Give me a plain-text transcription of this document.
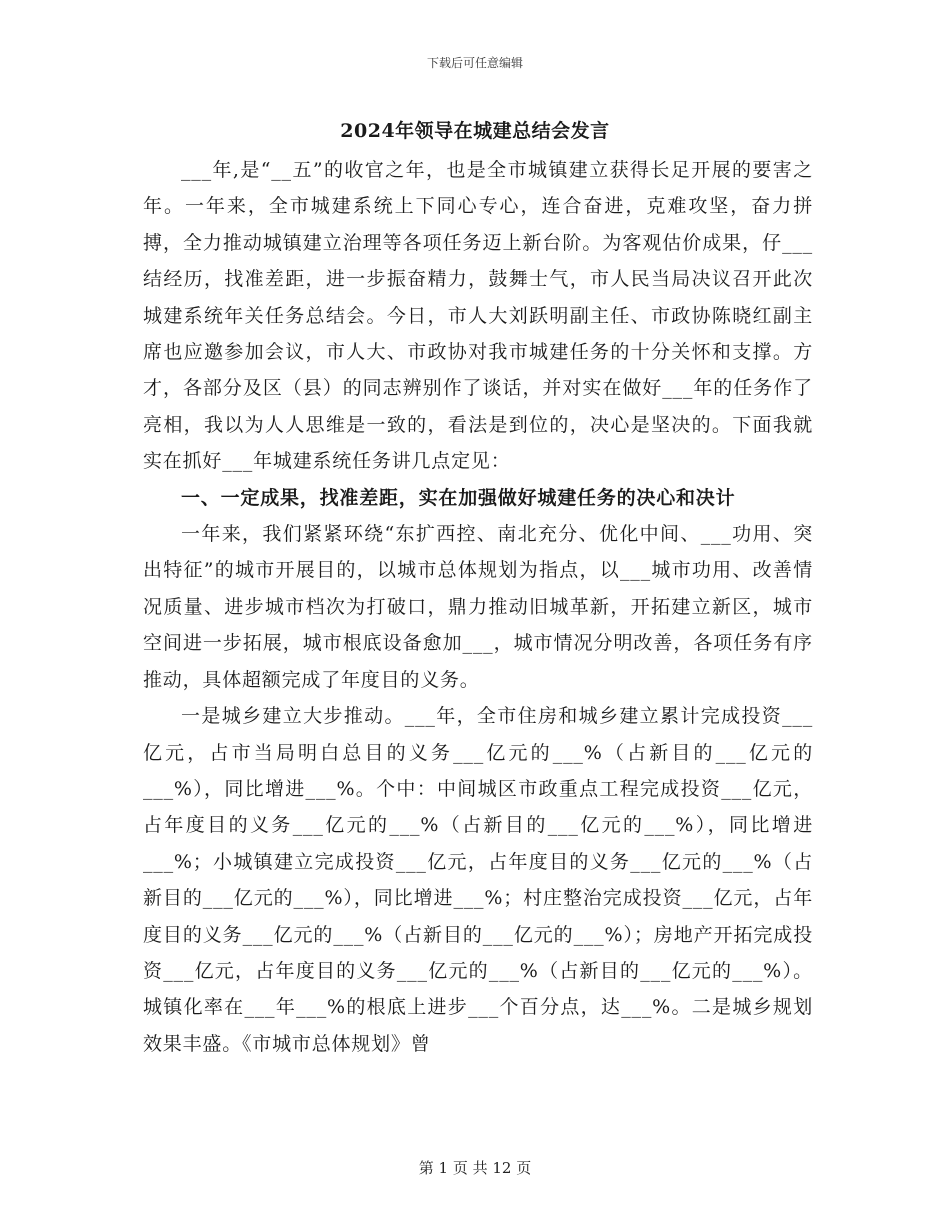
下载后可任意编辑
2024年领导在城建总结会发言

___年,是“__五”的收官之年，也是全市城镇建立获得长足开展的要害之年。一年来，全市城建系统上下同心专心，连合奋进，克难攻坚，奋力拼搏，全力推动城镇建立治理等各项任务迈上新台阶。为客观估价成果，仔___结经历，找准差距，进一步振奋精力，鼓舞士气，市人民当局决议召开此次城建系统年关任务总结会。今日，市人大刘跃明副主任、市政协陈晓红副主席也应邀参加会议，市人大、市政协对我市城建任务的十分关怀和支撑。方才，各部分及区（县）的同志辨别作了谈话，并对实在做好___年的任务作了亮相，我以为人人思维是一致的，看法是到位的，决心是坚决的。下面我就实在抓好___年城建系统任务讲几点定见：

一、一定成果，找准差距，实在加强做好城建任务的决心和决计

一年来，我们紧紧环绕“东扩西控、南北充分、优化中间、___功用、突出特征”的城市开展目的，以城市总体规划为指点，以___城市功用、改善情况质量、进步城市档次为打破口，鼎力推动旧城革新，开拓建立新区，城市空间进一步拓展，城市根底设备愈加___，城市情况分明改善，各项任务有序推动，具体超额完成了年度目的义务。

一是城乡建立大步推动。___年，全市住房和城乡建立累计完成投资___亿元，占市当局明白总目的义务___亿元的___%（占新目的___亿元的___%），同比增进___%。个中：中间城区市政重点工程完成投资___亿元，占年度目的义务___亿元的___%（占新目的___亿元的___%），同比增进___%；小城镇建立完成投资___亿元，占年度目的义务___亿元的___%（占新目的___亿元的___%），同比增进___%；村庄整治完成投资___亿元，占年度目的义务___亿元的___%（占新目的___亿元的___%）；房地产开拓完成投资___亿元，占年度目的义务___亿元的___%（占新目的___亿元的___%）。城镇化率在___年___%的根底上进步___个百分点，达___%。二是城乡规划效果丰盛。《市城市总体规划》曾

第 1 页 共 12 页
